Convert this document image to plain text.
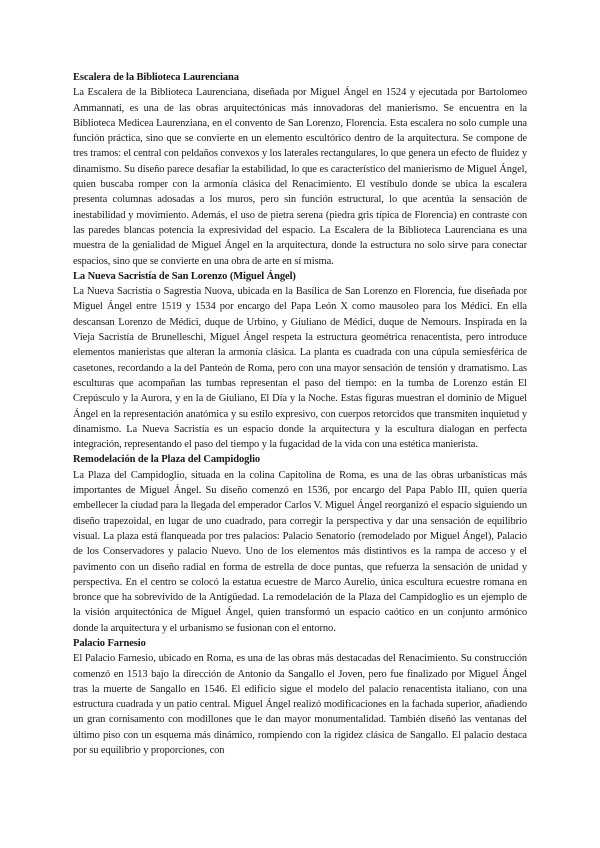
Escalera de la Biblioteca Laurenciana

La Escalera de la Biblioteca Laurenciana, diseñada por Miguel Ángel en 1524 y ejecutada por Bartolomeo Ammannati, es una de las obras arquitectónicas más innovadoras del manierismo. Se encuentra en la Biblioteca Medicea Laurenziana, en el convento de San Lorenzo, Florencia. Esta escalera no solo cumple una función práctica, sino que se convierte en un elemento escultórico dentro de la arquitectura. Se compone de tres tramos: el central con peldaños convexos y los laterales rectangulares, lo que genera un efecto de fluidez y dinamismo. Su diseño parece desafiar la estabilidad, lo que es característico del manierismo de Miguel Ángel, quien buscaba romper con la armonía clásica del Renacimiento. El vestíbulo donde se ubica la escalera presenta columnas adosadas a los muros, pero sin función estructural, lo que acentúa la sensación de inestabilidad y movimiento. Además, el uso de pietra serena (piedra gris típica de Florencia) en contraste con las paredes blancas potencia la expresividad del espacio. La Escalera de la Biblioteca Laurenciana es una muestra de la genialidad de Miguel Ángel en la arquitectura, donde la estructura no solo sirve para conectar espacios, sino que se convierte en una obra de arte en sí misma.

La Nueva Sacristía de San Lorenzo (Miguel Ángel)

La Nueva Sacristía o Sagrestia Nuova, ubicada en la Basílica de San Lorenzo en Florencia, fue diseñada por Miguel Ángel entre 1519 y 1534 por encargo del Papa León X como mausoleo para los Médici. En ella descansan Lorenzo de Médici, duque de Urbino, y Giuliano de Médici, duque de Nemours. Inspirada en la Vieja Sacristía de Brunelleschi, Miguel Ángel respeta la estructura geométrica renacentista, pero introduce elementos manieristas que alteran la armonía clásica. La planta es cuadrada con una cúpula semiesférica de casetones, recordando a la del Panteón de Roma, pero con una mayor sensación de tensión y dramatismo. Las esculturas que acompañan las tumbas representan el paso del tiempo: en la tumba de Lorenzo están El Crepúsculo y la Aurora, y en la de Giuliano, El Día y la Noche. Estas figuras muestran el dominio de Miguel Ángel en la representación anatómica y su estilo expresivo, con cuerpos retorcidos que transmiten inquietud y dinamismo. La Nueva Sacristía es un espacio donde la arquitectura y la escultura dialogan en perfecta integración, representando el paso del tiempo y la fugacidad de la vida con una estética manierista.

Remodelación de la Plaza del Campidoglio

La Plaza del Campidoglio, situada en la colina Capitolina de Roma, es una de las obras urbanísticas más importantes de Miguel Ángel. Su diseño comenzó en 1536, por encargo del Papa Pablo III, quien quería embellecer la ciudad para la llegada del emperador Carlos V. Miguel Ángel reorganizó el espacio siguiendo un diseño trapezoidal, en lugar de uno cuadrado, para corregir la perspectiva y dar una sensación de equilibrio visual. La plaza está flanqueada por tres palacios: Palacio Senatorio (remodelado por Miguel Ángel), Palacio de los Conservadores y palacio Nuevo. Uno de los elementos más distintivos es la rampa de acceso y el pavimento con un diseño radial en forma de estrella de doce puntas, que refuerza la sensación de unidad y perspectiva. En el centro se colocó la estatua ecuestre de Marco Aurelio, única escultura ecuestre romana en bronce que ha sobrevivido de la Antigüedad. La remodelación de la Plaza del Campidoglio es un ejemplo de la visión arquitectónica de Miguel Ángel, quien transformó un espacio caótico en un conjunto armónico donde la arquitectura y el urbanismo se fusionan con el entorno.

Palacio Farnesio

El Palacio Farnesio, ubicado en Roma, es una de las obras más destacadas del Renacimiento. Su construcción comenzó en 1513 bajo la dirección de Antonio da Sangallo el Joven, pero fue finalizado por Miguel Ángel tras la muerte de Sangallo en 1546. El edificio sigue el modelo del palacio renacentista italiano, con una estructura cuadrada y un patio central. Miguel Ángel realizó modificaciones en la fachada superior, añadiendo un gran cornisamento con modillones que le dan mayor monumentalidad. También diseñó las ventanas del último piso con un esquema más dinámico, rompiendo con la rigidez clásica de Sangallo. El palacio destaca por su equilibrio y proporciones, con
